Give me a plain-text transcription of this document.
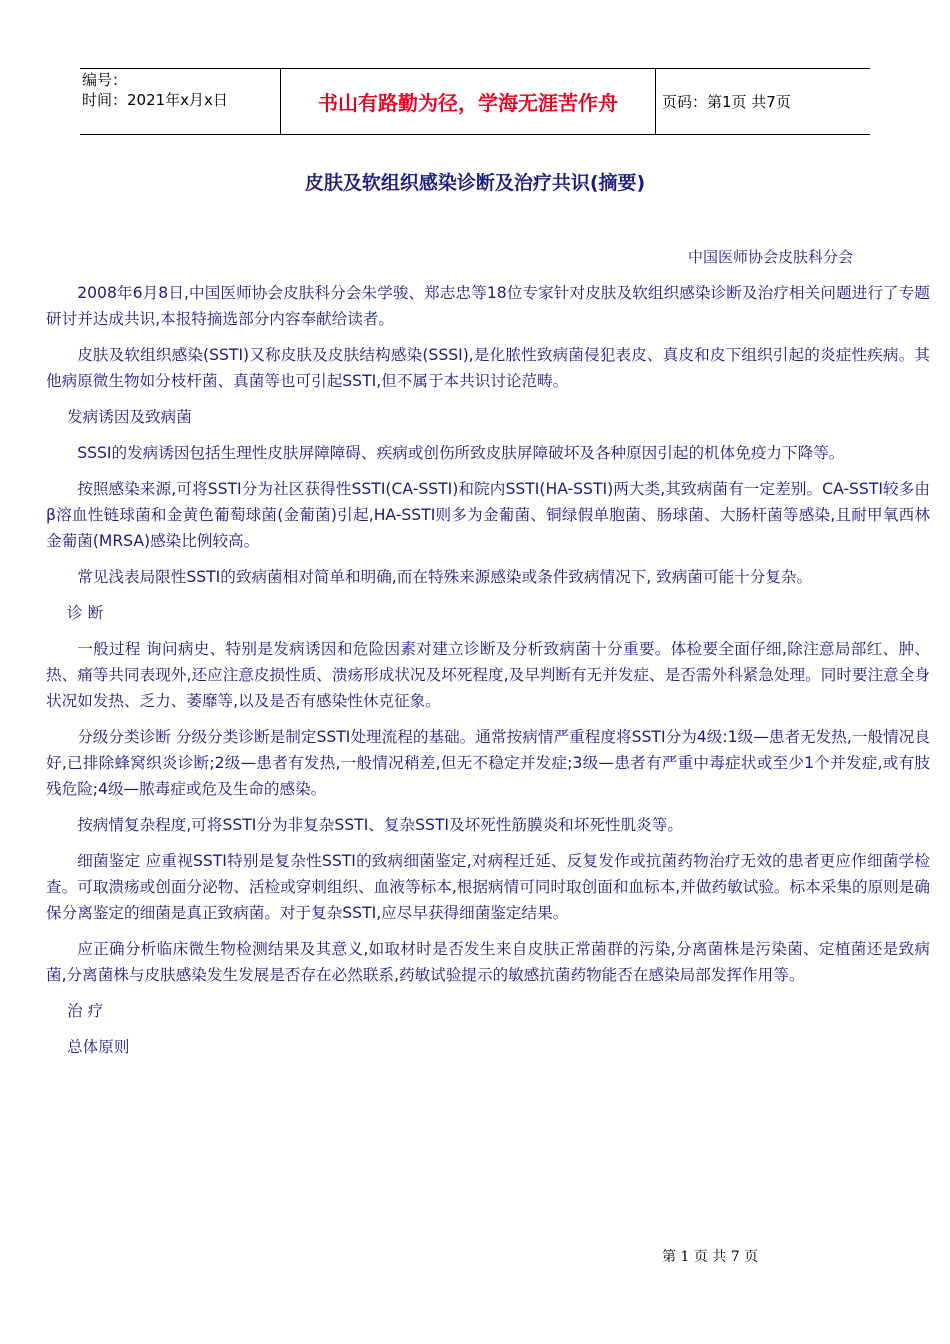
编号：
时间：2021年x月x日	书山有路勤为径，学海无涯苦作舟	页码：第1页 共7页
皮肤及软组织感染诊断及治疗共识(摘要)
中国医师协会皮肤科分会

2008年6月8日,中国医师协会皮肤科分会朱学骏、郑志忠等18位专家针对皮肤及软组织感染诊断及治疗相关问题进行了专题研讨并达成共识,本报特摘选部分内容奉献给读者。

皮肤及软组织感染(SSTI)又称皮肤及皮肤结构感染(SSSI),是化脓性致病菌侵犯表皮、真皮和皮下组织引起的炎症性疾病。其他病原微生物如分枝杆菌、真菌等也可引起SSTI,但不属于本共识讨论范畴。

发病诱因及致病菌

SSSI的发病诱因包括生理性皮肤屏障障碍、疾病或创伤所致皮肤屏障破坏及各种原因引起的机体免疫力下降等。

按照感染来源,可将SSTI分为社区获得性SSTI(CA-SSTI)和院内SSTI(HA-SSTI)两大类,其致病菌有一定差别。CA-SSTI较多由β溶血性链球菌和金黄色葡萄球菌(金葡菌)引起,HA-SSTI则多为金葡菌、铜绿假单胞菌、肠球菌、大肠杆菌等感染,且耐甲氧西林金葡菌(MRSA)感染比例较高。

常见浅表局限性SSTI的致病菌相对简单和明确,而在特殊来源感染或条件致病情况下, 致病菌可能十分复杂。

诊 断

一般过程 询问病史、特别是发病诱因和危险因素对建立诊断及分析致病菌十分重要。体检要全面仔细,除注意局部红、肿、热、痛等共同表现外,还应注意皮损性质、溃疡形成状况及坏死程度,及早判断有无并发症、是否需外科紧急处理。同时要注意全身状况如发热、乏力、萎靡等,以及是否有感染性休克征象。

分级分类诊断 分级分类诊断是制定SSTI处理流程的基础。通常按病情严重程度将SSTI分为4级:1级—患者无发热,一般情况良好,已排除蜂窝织炎诊断;2级—患者有发热,一般情况稍差,但无不稳定并发症;3级—患者有严重中毒症状或至少1个并发症,或有肢残危险;4级—脓毒症或危及生命的感染。

按病情复杂程度,可将SSTI分为非复杂SSTI、复杂SSTI及坏死性筋膜炎和坏死性肌炎等。

细菌鉴定 应重视SSTI特别是复杂性SSTI的致病细菌鉴定,对病程迁延、反复发作或抗菌药物治疗无效的患者更应作细菌学检查。可取溃疡或创面分泌物、活检或穿刺组织、血液等标本,根据病情可同时取创面和血标本,并做药敏试验。标本采集的原则是确保分离鉴定的细菌是真正致病菌。对于复杂SSTI,应尽早获得细菌鉴定结果。

应正确分析临床微生物检测结果及其意义,如取材时是否发生来自皮肤正常菌群的污染,分离菌株是污染菌、定植菌还是致病菌,分离菌株与皮肤感染发生发展是否存在必然联系,药敏试验提示的敏感抗菌药物能否在感染局部发挥作用等。

治 疗

总体原则

第 1 页 共 7 页
